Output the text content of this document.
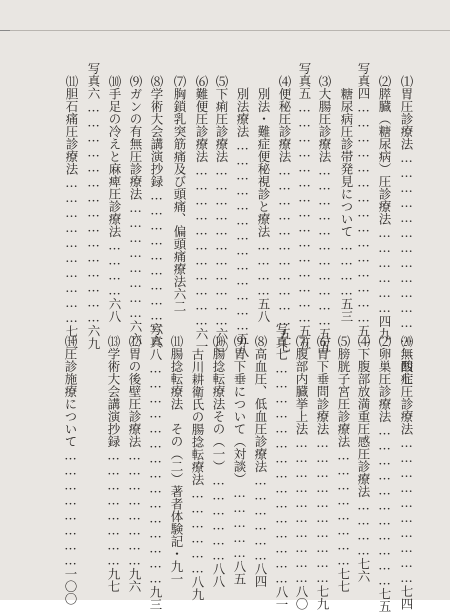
⑴胃圧診療法……………………………………四七
⑵膵臓（糖尿病）圧診療法………………四九
写真四………………………………………五一
　糖尿病圧診帯発見について…………五三
⑶大腸圧診療法……………………………五五
写真五………………………………………五五
⑷便秘圧診療法……………………………五七
　別法・難症便秘視診と療法…………五八
　別法療法…………………………………五八
⑸下痢圧診療法……………………………六〇
⑹難便圧診療法……………………………六一
⑺胸鎖乳突筋痛及び頭痛、偏頭痛療法六二
⑻学術大会講演抄録………………………六六
⑼ガンの有無圧診療法……………………六六
⑽手足の冷えと麻痺圧診療法…………六八
写真六………………………………………六九
⑾胆石痛圧診療法…………………………七二
⒇無酸症圧診療法…………………………七四
⑵卵巣圧診療法……………………………七五
⑷下腹部放満重圧感圧診療法…………七六
⑸膀胱子宮圧診療法……………………七七
⑹胃下垂問診療法…………………………七九
⑺腹部内臓挙上法…………………………八〇
写真七………………………………………八一
⑻高血圧、低血圧診療法………………八四
⑼胃下垂について（対談）……………八五
⑽腸捻転療法その（一）………………八八
古川耕衛氏の腸捻転療法………………八九
⑾腸捻転療法　その（二）著者体験記・九一
写真八………………………………………九三
⑿胃の後壁圧診療法……………………九六
⒀学術大会講演抄録……………………九七
⒁圧診施療について……………………一〇〇
